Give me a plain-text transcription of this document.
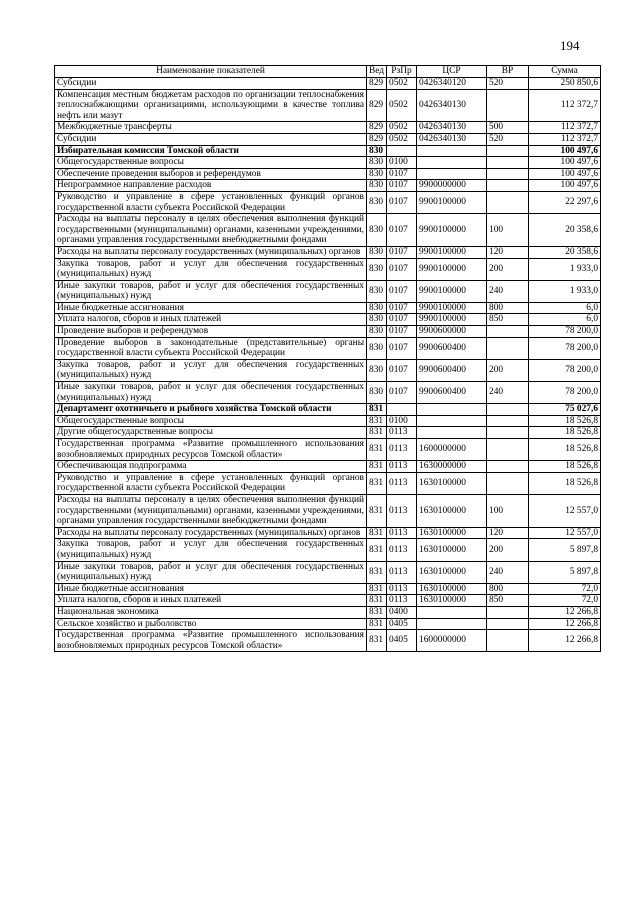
194
Наименование показателей	Вед	РзПр	ЦСР	ВР	Сумма
Субсидии	829	0502	0426340120	520	250 850,6
Компенсация местным бюджетам расходов по организации теплоснабжения теплоснабжающими организациями, использующими в качестве топлива нефть или мазут	829	0502	0426340130		112 372,7
Межбюджетные трансферты	829	0502	0426340130	500	112 372,7
Субсидии	829	0502	0426340130	520	112 372,7
Избирательная комиссия Томской области	830				100 497,6
Общегосударственные вопросы	830	0100			100 497,6
Обеспечение проведения выборов и референдумов	830	0107			100 497,6
Непрограммное направление расходов	830	0107	9900000000		100 497,6
Руководство и управление в сфере установленных функций органов государственной власти субъекта Российской Федерации	830	0107	9900100000		22 297,6
Расходы на выплаты персоналу в целях обеспечения выполнения функций государственными (муниципальными) органами, казенными учреждениями, органами управления государственными внебюджетными фондами	830	0107	9900100000	100	20 358,6
Расходы на выплаты персоналу государственных (муниципальных) органов	830	0107	9900100000	120	20 358,6
Закупка товаров, работ и услуг для обеспечения государственных (муниципальных) нужд	830	0107	9900100000	200	1 933,0
Иные закупки товаров, работ и услуг для обеспечения государственных (муниципальных) нужд	830	0107	9900100000	240	1 933,0
Иные бюджетные ассигнования	830	0107	9900100000	800	6,0
Уплата налогов, сборов и иных платежей	830	0107	9900100000	850	6,0
Проведение выборов и референдумов	830	0107	9900600000		78 200,0
Проведение выборов в законодательные (представительные) органы государственной власти субъекта Российской Федерации	830	0107	9900600400		78 200,0
Закупка товаров, работ и услуг для обеспечения государственных (муниципальных) нужд	830	0107	9900600400	200	78 200,0
Иные закупки товаров, работ и услуг для обеспечения государственных (муниципальных) нужд	830	0107	9900600400	240	78 200,0
Департамент охотничьего и рыбного хозяйства Томской области	831				75 027,6
Общегосударственные вопросы	831	0100			18 526,8
Другие общегосударственные вопросы	831	0113			18 526,8
Государственная программа «Развитие промышленного использования возобновляемых природных ресурсов Томской области»	831	0113	1600000000		18 526,8
Обеспечивающая подпрограмма	831	0113	1630000000		18 526,8
Руководство и управление в сфере установленных функций органов государственной власти субъекта Российской Федерации	831	0113	1630100000		18 526,8
Расходы на выплаты персоналу в целях обеспечения выполнения функций государственными (муниципальными) органами, казенными учреждениями, органами управления государственными внебюджетными фондами	831	0113	1630100000	100	12 557,0
Расходы на выплаты персоналу государственных (муниципальных) органов	831	0113	1630100000	120	12 557,0
Закупка товаров, работ и услуг для обеспечения государственных (муниципальных) нужд	831	0113	1630100000	200	5 897,8
Иные закупки товаров, работ и услуг для обеспечения государственных (муниципальных) нужд	831	0113	1630100000	240	5 897,8
Иные бюджетные ассигнования	831	0113	1630100000	800	72,0
Уплата налогов, сборов и иных платежей	831	0113	1630100000	850	72,0
Национальная экономика	831	0400			12 266,8
Сельское хозяйство и рыболовство	831	0405			12 266,8
Государственная программа «Развитие промышленного использования возобновляемых природных ресурсов Томской области»	831	0405	1600000000		12 266,8
